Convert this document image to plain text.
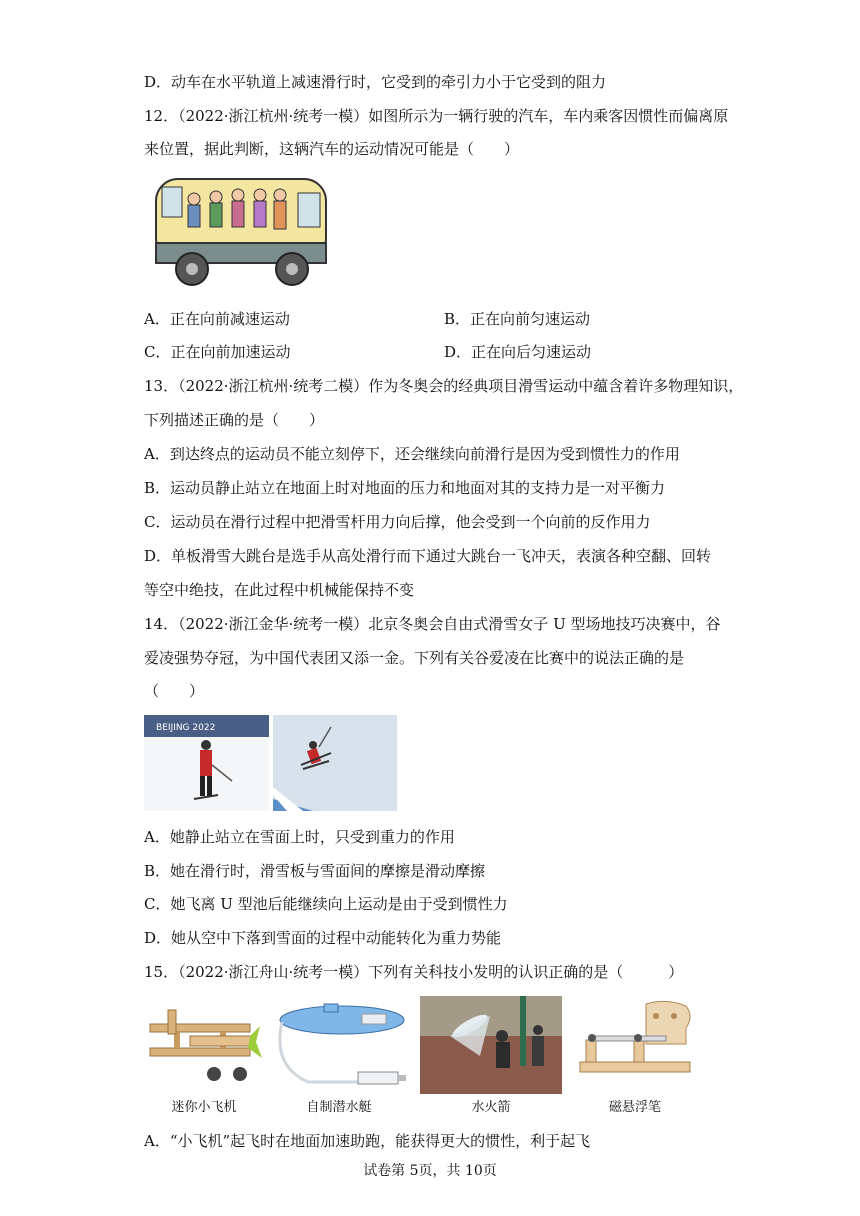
D．动车在水平轨道上减速滑行时，它受到的牵引力小于它受到的阻力
12．（2022·浙江杭州·统考一模）如图所示为一辆行驶的汽车，车内乘客因惯性而偏离原
来位置，据此判断，这辆汽车的运动情况可能是（　　）
A．正在向前减速运动	B．正在向前匀速运动
C．正在向前加速运动	D．正在向后匀速运动
13．（2022·浙江杭州·统考二模）作为冬奥会的经典项目滑雪运动中蕴含着许多物理知识，
下列描述正确的是（　　）
A．到达终点的运动员不能立刻停下，还会继续向前滑行是因为受到惯性力的作用
B．运动员静止站立在地面上时对地面的压力和地面对其的支持力是一对平衡力
C．运动员在滑行过程中把滑雪杆用力向后撑，他会受到一个向前的反作用力
D．单板滑雪大跳台是选手从高处滑行而下通过大跳台一飞冲天，表演各种空翻、回转
等空中绝技，在此过程中机械能保持不变
14．（2022·浙江金华·统考一模）北京冬奥会自由式滑雪女子 U 型场地技巧决赛中，谷
爱凌强势夺冠，为中国代表团又添一金。下列有关谷爱凌在比赛中的说法正确的是
（　　）
BEIJING 2022
A．她静止站立在雪面上时，只受到重力的作用
B．她在滑行时，滑雪板与雪面间的摩擦是滑动摩擦
C．她飞离 U 型池后能继续向上运动是由于受到惯性力
D．她从空中下落到雪面的过程中动能转化为重力势能
15．（2022·浙江舟山·统考一模）下列有关科技小发明的认识正确的是（　　　）
迷你小飞机	自制潜水艇	水火箭	磁悬浮笔
A．“小飞机”起飞时在地面加速助跑，能获得更大的惯性，利于起飞
试卷第 5页，共 10页
